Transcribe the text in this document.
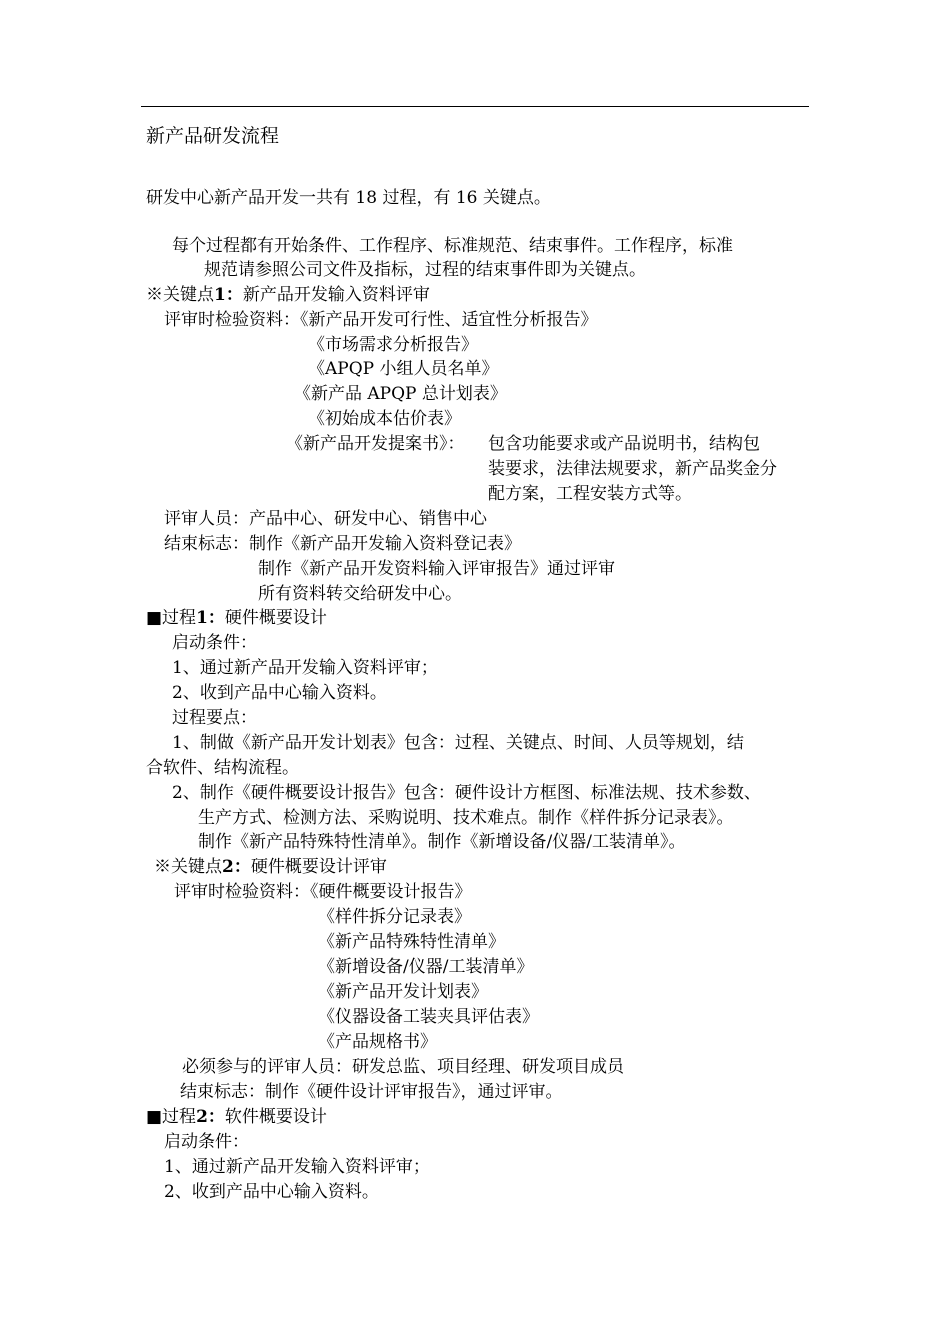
新产品研发流程
研发中心新产品开发一共有 18 过程，有 16 关键点。
每个过程都有开始条件、工作程序、标准规范、结束事件。工作程序，标准
规范请参照公司文件及指标，过程的结束事件即为关键点。
※关键点1：新产品开发输入资料评审
评审时检验资料：《新产品开发可行性、适宜性分析报告》
《市场需求分析报告》
《APQP 小组人员名单》
《新产品 APQP 总计划表》
《初始成本估价表》
《新产品开发提案书》： 包含功能要求或产品说明书，结构包
装要求，法律法规要求，新产品奖金分
配方案，工程安装方式等。
评审人员：产品中心、研发中心、销售中心
结束标志：制作《新产品开发输入资料登记表》
制作《新产品开发资料输入评审报告》通过评审
所有资料转交给研发中心。
■过程1：硬件概要设计
启动条件：
1、通过新产品开发输入资料评审；
2、收到产品中心输入资料。
过程要点：
1、制做《新产品开发计划表》包含：过程、关键点、时间、人员等规划，结
合软件、结构流程。
2、制作《硬件概要设计报告》包含：硬件设计方框图、标准法规、技术参数、
生产方式、检测方法、采购说明、技术难点。制作《样件拆分记录表》。
制作《新产品特殊特性清单》。制作《新增设备/仪器/工装清单》。
※关键点2：硬件概要设计评审
评审时检验资料：《硬件概要设计报告》
《样件拆分记录表》
《新产品特殊特性清单》
《新增设备/仪器/工装清单》
《新产品开发计划表》
《仪器设备工装夹具评估表》
《产品规格书》
必须参与的评审人员：研发总监、项目经理、研发项目成员
结束标志：制作《硬件设计评审报告》，通过评审。
■过程2：软件概要设计
启动条件：
1、通过新产品开发输入资料评审；
2、收到产品中心输入资料。
